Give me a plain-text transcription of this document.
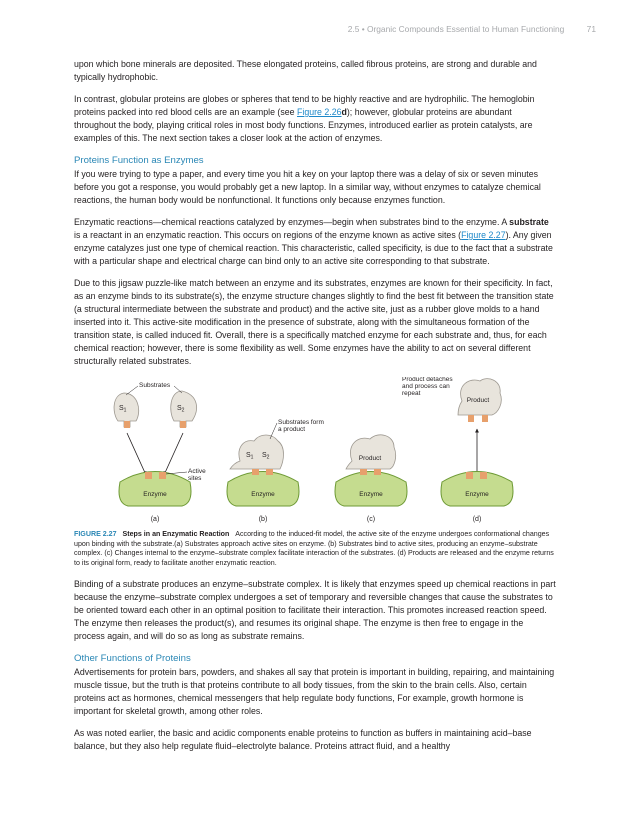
2.5 • Organic Compounds Essential to Human Functioning	71

upon which bone minerals are deposited. These elongated proteins, called fibrous proteins, are strong and durable and typically hydrophobic.

In contrast, globular proteins are globes or spheres that tend to be highly reactive and are hydrophilic. The hemoglobin proteins packed into red blood cells are an example (see Figure 2.26d); however, globular proteins are abundant throughout the body, playing critical roles in most body functions. Enzymes, introduced earlier as protein catalysts, are examples of this. The next section takes a closer look at the action of enzymes.

Proteins Function as Enzymes

If you were trying to type a paper, and every time you hit a key on your laptop there was a delay of six or seven minutes before you got a response, you would probably get a new laptop. In a similar way, without enzymes to catalyze chemical reactions, the human body would be nonfunctional. It functions only because enzymes function.

Enzymatic reactions—chemical reactions catalyzed by enzymes—begin when substrates bind to the enzyme. A substrate is a reactant in an enzymatic reaction. This occurs on regions of the enzyme known as active sites (Figure 2.27). Any given enzyme catalyzes just one type of chemical reaction. This characteristic, called specificity, is due to the fact that a substrate with a particular shape and electrical charge can bind only to an active site corresponding to that substrate.

Due to this jigsaw puzzle-like match between an enzyme and its substrates, enzymes are known for their specificity. In fact, as an enzyme binds to its substrate(s), the enzyme structure changes slightly to find the best fit between the transition state (a structural intermediate between the substrate and product) and the active site, just as a rubber glove molds to a hand inserted into it. This active-site modification in the presence of substrate, along with the simultaneous formation of the transition state, is called induced fit. Overall, there is a specifically matched enzyme for each substrate and, thus, for each chemical reaction; however, there is some flexibility as well. Some enzymes have the ability to act on several different structurally related substrates.

$S_1$	$S_2$
Substrates
Enzyme
Active
sites
(a)
$S_1$ $S_2$
Enzyme
Substrates form
a product
(b)
Product
Enzyme
(c)
Product
Product detaches
and process can
repeat
Enzyme
(d)

FIGURE 2.27 Steps in an Enzymatic Reaction According to the induced-fit model, the active site of the enzyme undergoes conformational changes upon binding with the substrate.(a) Substrates approach active sites on enzyme. (b) Substrates bind to active sites, producing an enzyme–substrate complex. (c) Changes internal to the enzyme–substrate complex facilitate interaction of the substrates. (d) Products are released and the enzyme returns to its original form, ready to facilitate another enzymatic reaction.

Binding of a substrate produces an enzyme–substrate complex. It is likely that enzymes speed up chemical reactions in part because the enzyme–substrate complex undergoes a set of temporary and reversible changes that cause the substrates to be oriented toward each other in an optimal position to facilitate their interaction. This promotes increased reaction speed. The enzyme then releases the product(s), and resumes its original shape. The enzyme is then free to engage in the process again, and will do so as long as substrate remains.

Other Functions of Proteins

Advertisements for protein bars, powders, and shakes all say that protein is important in building, repairing, and maintaining muscle tissue, but the truth is that proteins contribute to all body tissues, from the skin to the brain cells. Also, certain proteins act as hormones, chemical messengers that help regulate body functions, For example, growth hormone is important for skeletal growth, among other roles.

As was noted earlier, the basic and acidic components enable proteins to function as buffers in maintaining acid–base balance, but they also help regulate fluid–electrolyte balance. Proteins attract fluid, and a healthy
